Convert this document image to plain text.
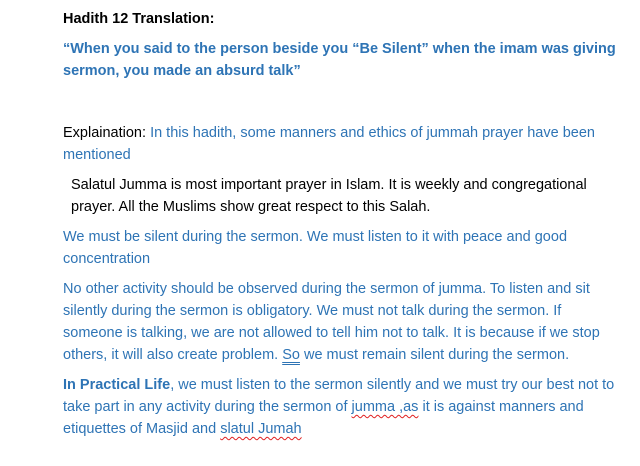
Hadith 12 Translation:

“When you said to the person beside you “Be Silent” when the imam was giving sermon, you made an absurd talk”

Explaination: In this hadith, some manners and ethics of jummah prayer have been mentioned

Salatul Jumma is most important prayer in Islam. It is weekly and congregational prayer. All the Muslims show great respect to this Salah.

We must be silent during the sermon. We must listen to it with peace and good concentration

No other activity should be observed during the sermon of jumma. To listen and sit silently during the sermon is obligatory. We must not talk during the sermon. If someone is talking, we are not allowed to tell him not to talk. It is because if we stop others, it will also create problem. So we must remain silent during the sermon.

In Practical Life, we must listen to the sermon silently and we must try our best not to take part in any activity during the sermon of jumma ,as it is against manners and etiquettes of Masjid and slatul Jumah
